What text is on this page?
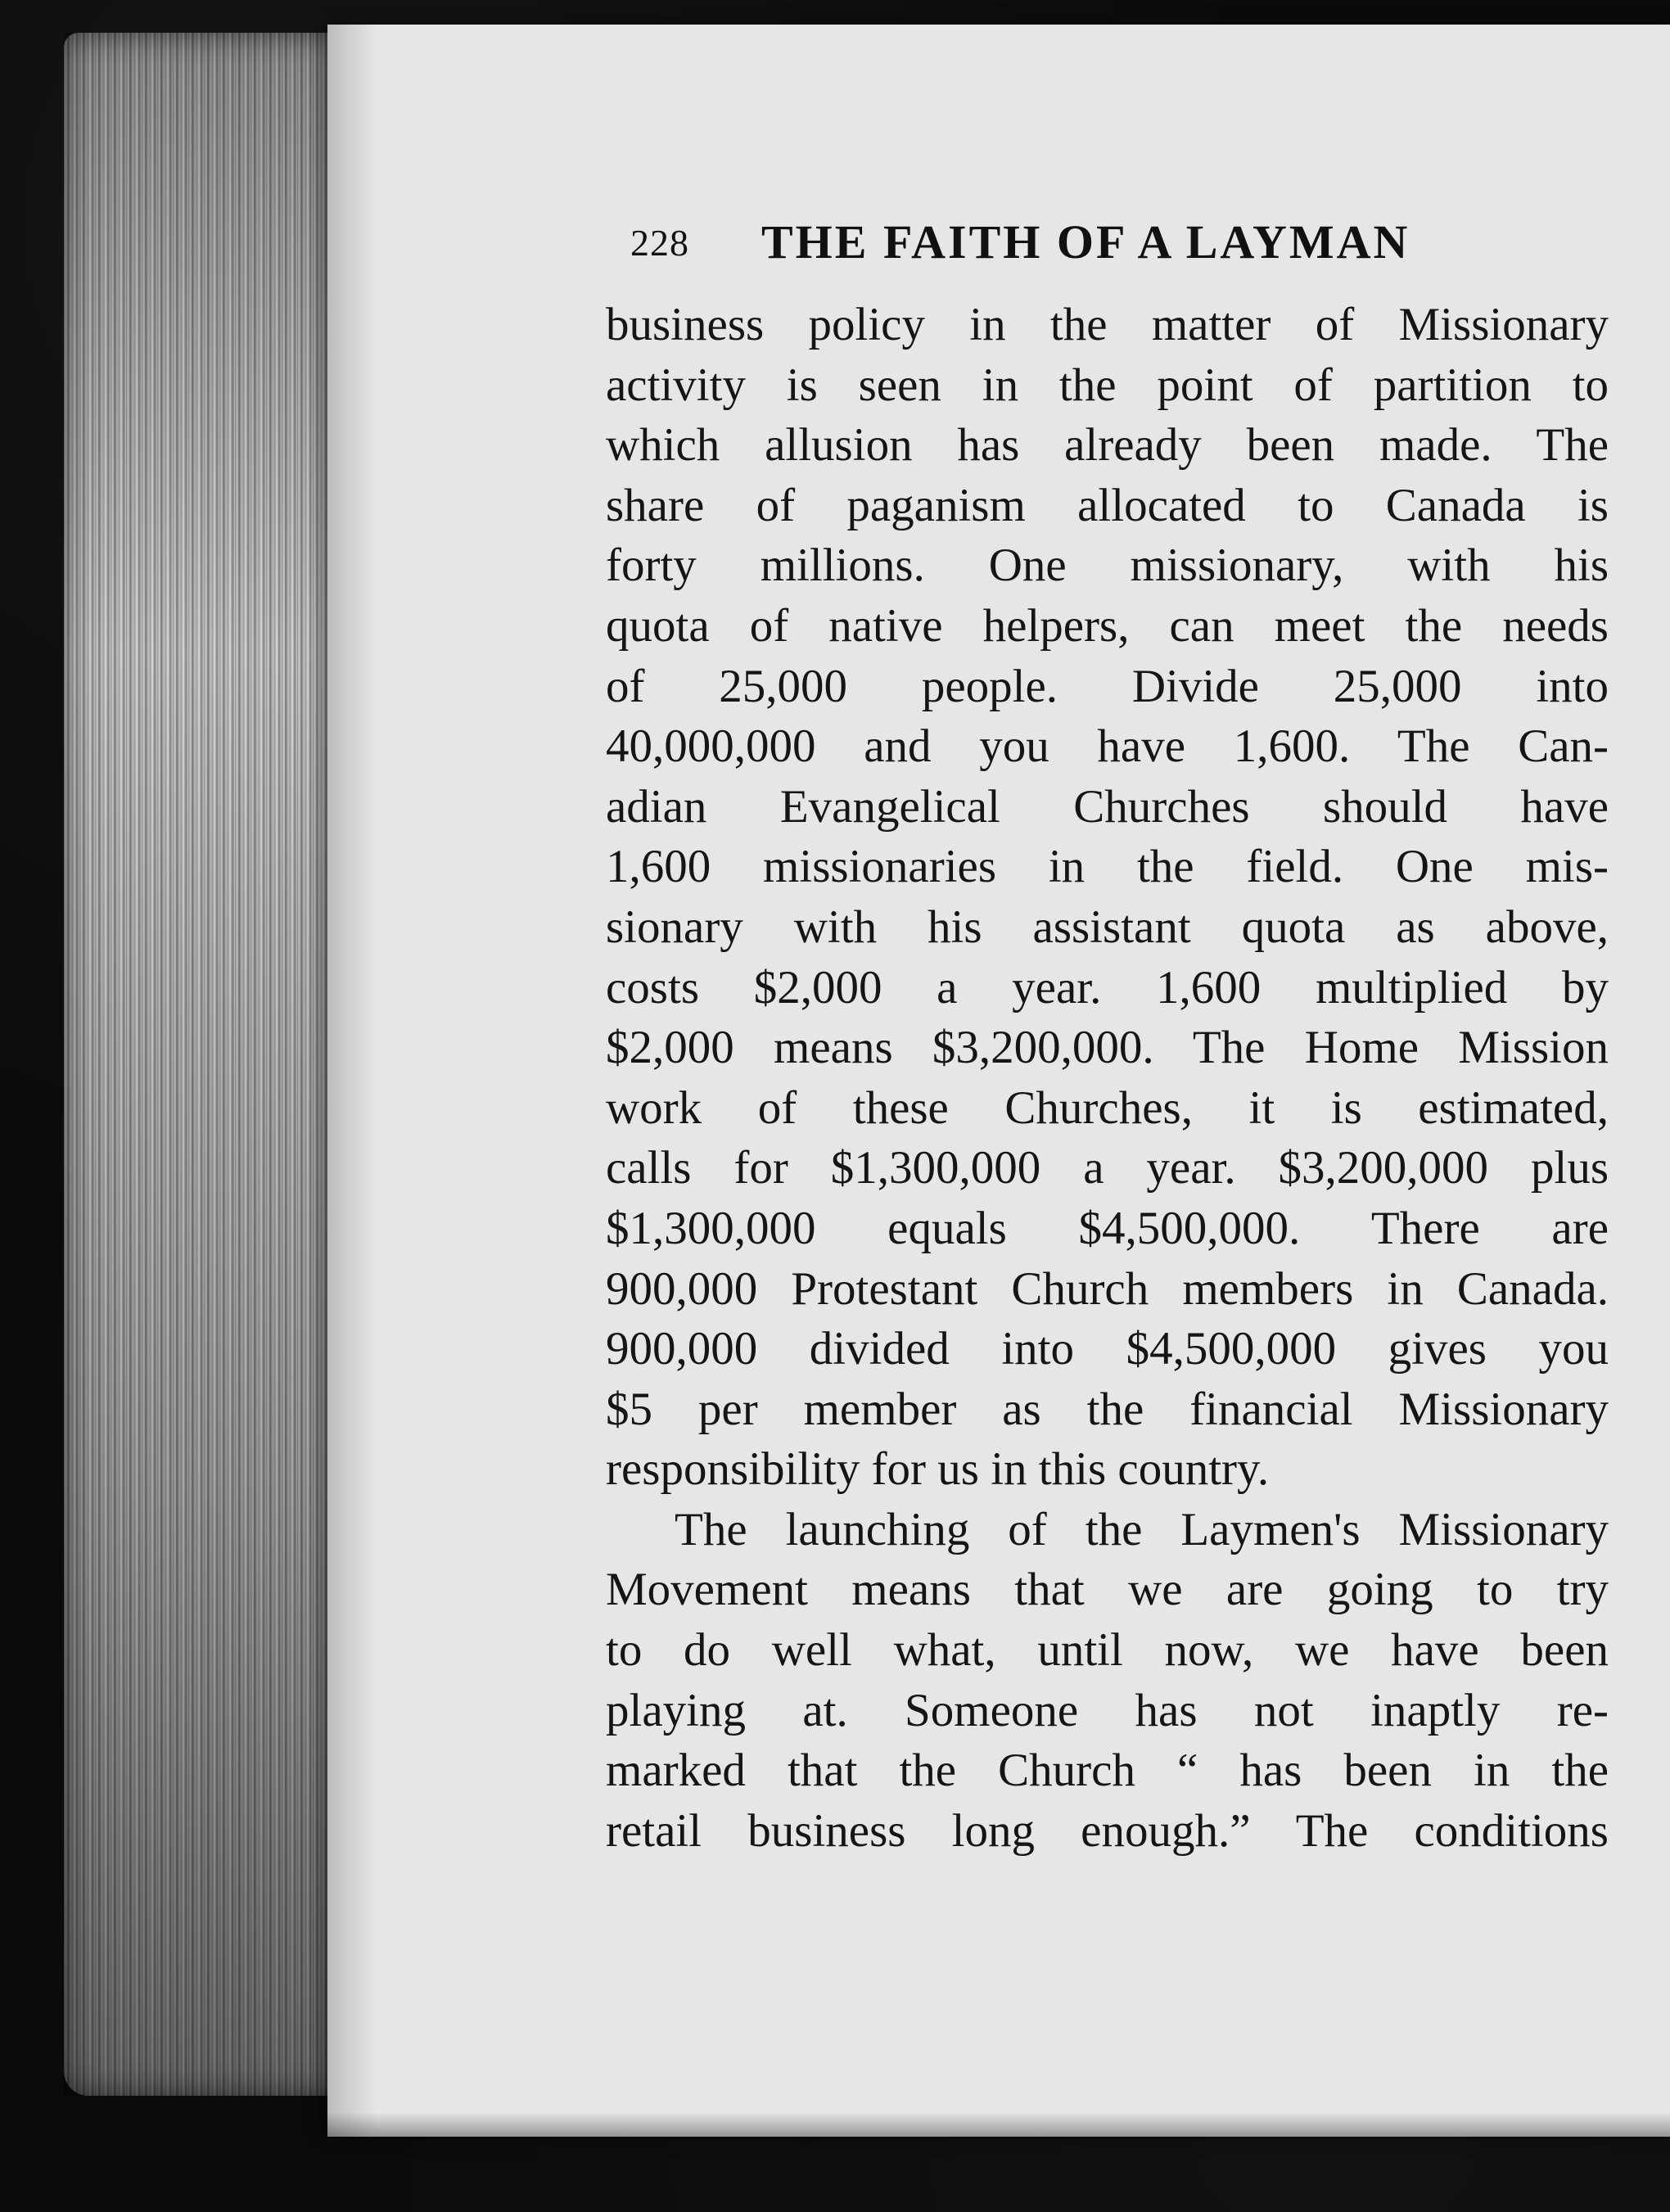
228 THE FAITH OF A LAYMAN
business policy in the matter of Missionary
activity is seen in the point of partition to
which allusion has already been made. The
share of paganism allocated to Canada is
forty millions. One missionary, with his
quota of native helpers, can meet the needs
of 25,000 people. Divide 25,000 into
40,000,000 and you have 1,600. The Can-
adian Evangelical Churches should have
1,600 missionaries in the field. One mis-
sionary with his assistant quota as above,
costs $2,000 a year. 1,600 multiplied by
$2,000 means $3,200,000. The Home Mission
work of these Churches, it is estimated,
calls for $1,300,000 a year. $3,200,000 plus
$1,300,000 equals $4,500,000. There are
900,000 Protestant Church members in Canada.
900,000 divided into $4,500,000 gives you
$5 per member as the financial Missionary
responsibility for us in this country.
The launching of the Laymen's Missionary
Movement means that we are going to try
to do well what, until now, we have been
playing at. Someone has not inaptly re-
marked that the Church “ has been in the
retail business long enough.” The conditions
